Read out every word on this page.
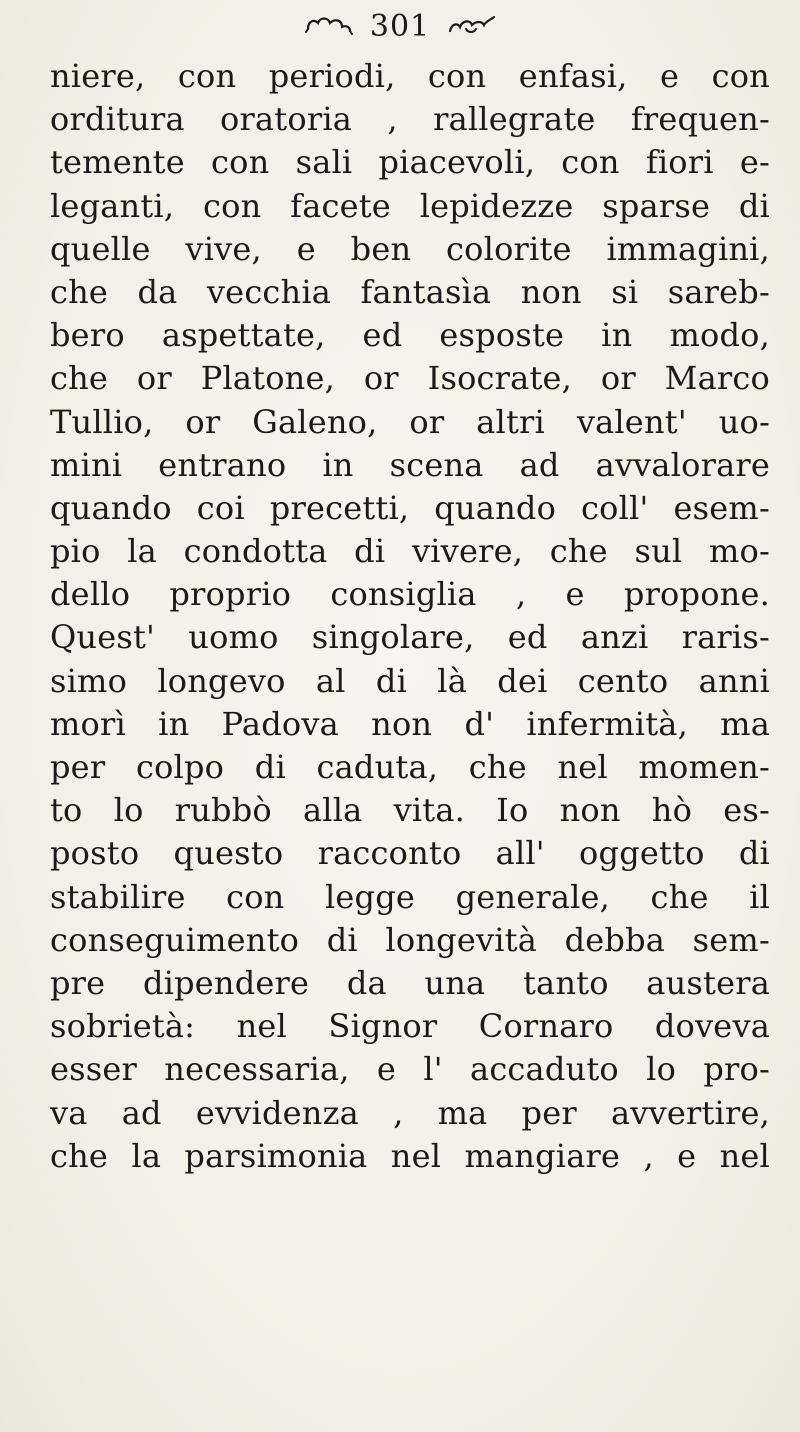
301
niere, con periodi, con enfasi, e con
orditura oratoria , rallegrate frequen-
temente con sali piacevoli, con fiori e-
leganti, con facete lepidezze sparse di
quelle vive, e ben colorite immagini,
che da vecchia fantasìa non si sareb-
bero aspettate, ed esposte in modo,
che or Platone, or Isocrate, or Marco
Tullio, or Galeno, or altri valent' uo-
mini entrano in scena ad avvalorare
quando coi precetti, quando coll' esem-
pio la condotta di vivere, che sul mo-
dello proprio consiglia , e propone.
Quest' uomo singolare, ed anzi raris-
simo longevo al di là dei cento anni
morì in Padova non d' infermità, ma
per colpo di caduta, che nel momen-
to lo rubbò alla vita. Io non hò es-
posto questo racconto all' oggetto di
stabilire con legge generale, che il
conseguimento di longevità debba sem-
pre dipendere da una tanto austera
sobrietà: nel Signor Cornaro doveva
esser necessaria, e l' accaduto lo pro-
va ad evvidenza , ma per avvertire,
che la parsimonia nel mangiare , e nel
